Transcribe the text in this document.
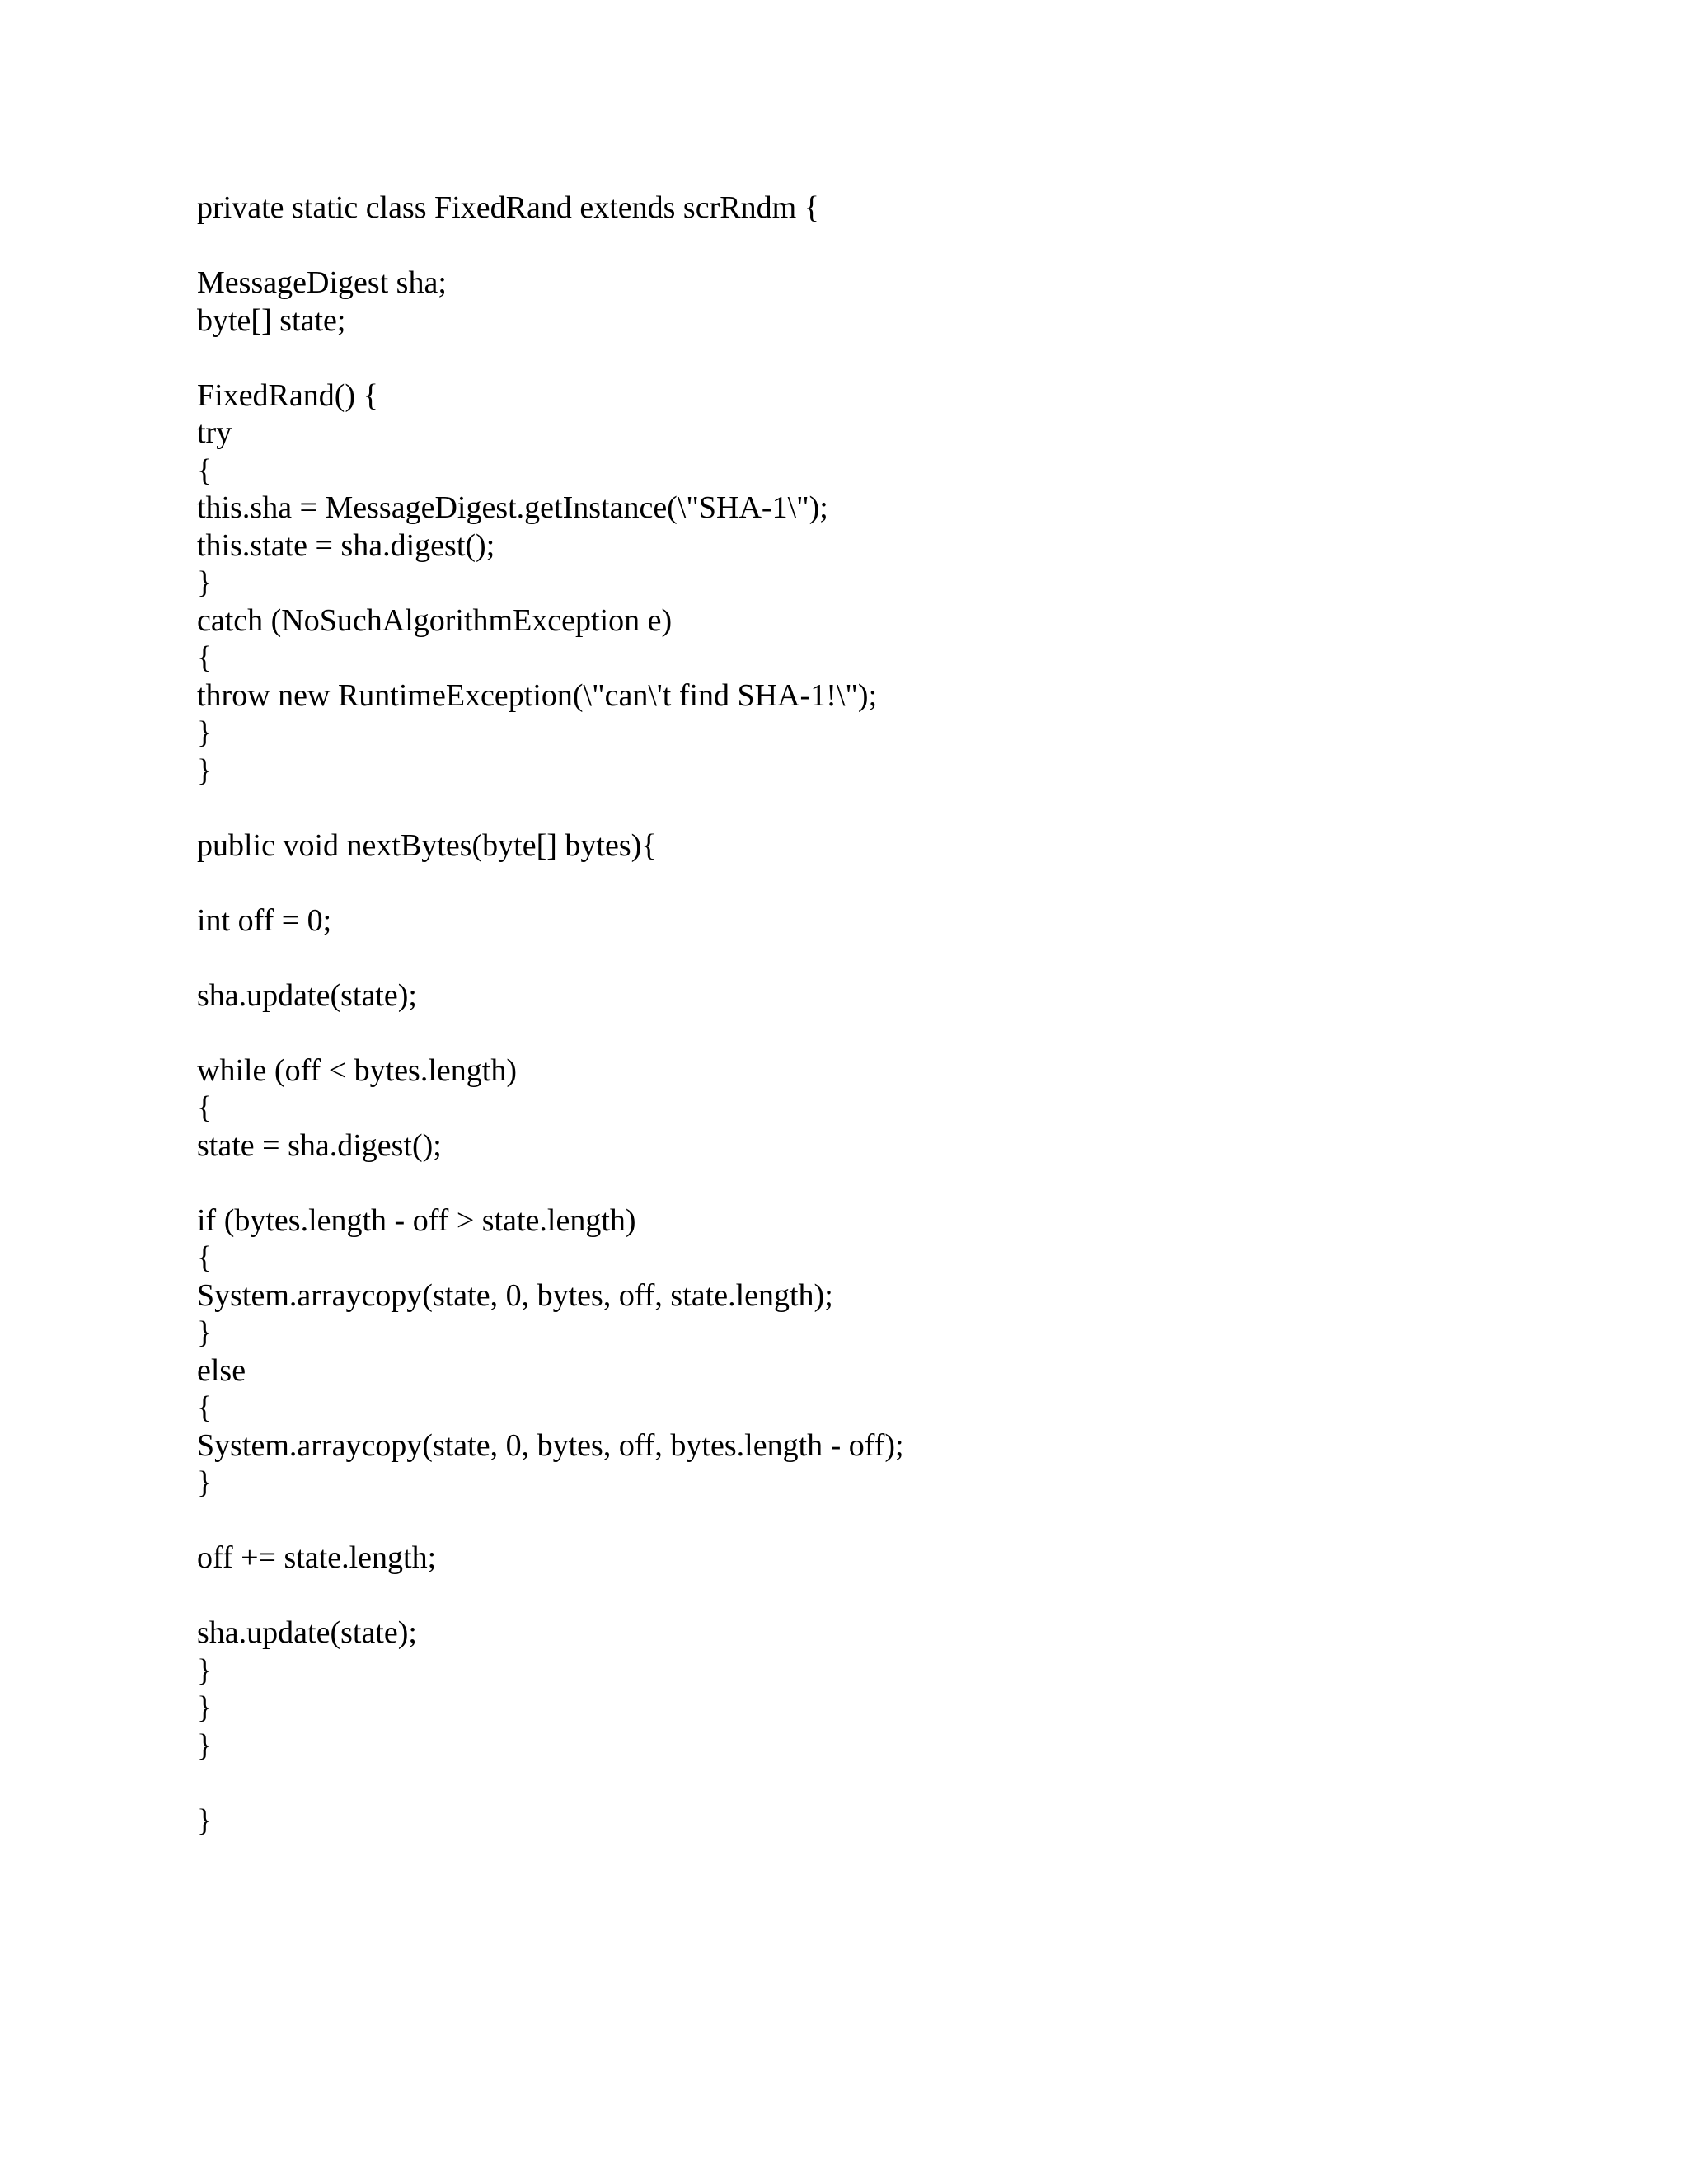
private static class FixedRand extends scrRndm {
MessageDigest sha;
byte[] state;
FixedRand() {
try
{
this.sha = MessageDigest.getInstance(\"SHA-1\");
this.state = sha.digest();
}
catch (NoSuchAlgorithmException e)
{
throw new RuntimeException(\"can\'t find SHA-1!\");
}
}
public void nextBytes(byte[] bytes){
int off = 0;
sha.update(state);
while (off < bytes.length)
{
state = sha.digest();
if (bytes.length - off > state.length)
{
System.arraycopy(state, 0, bytes, off, state.length);
}
else
{
System.arraycopy(state, 0, bytes, off, bytes.length - off);
}
off += state.length;
sha.update(state);
}
}
}
}
